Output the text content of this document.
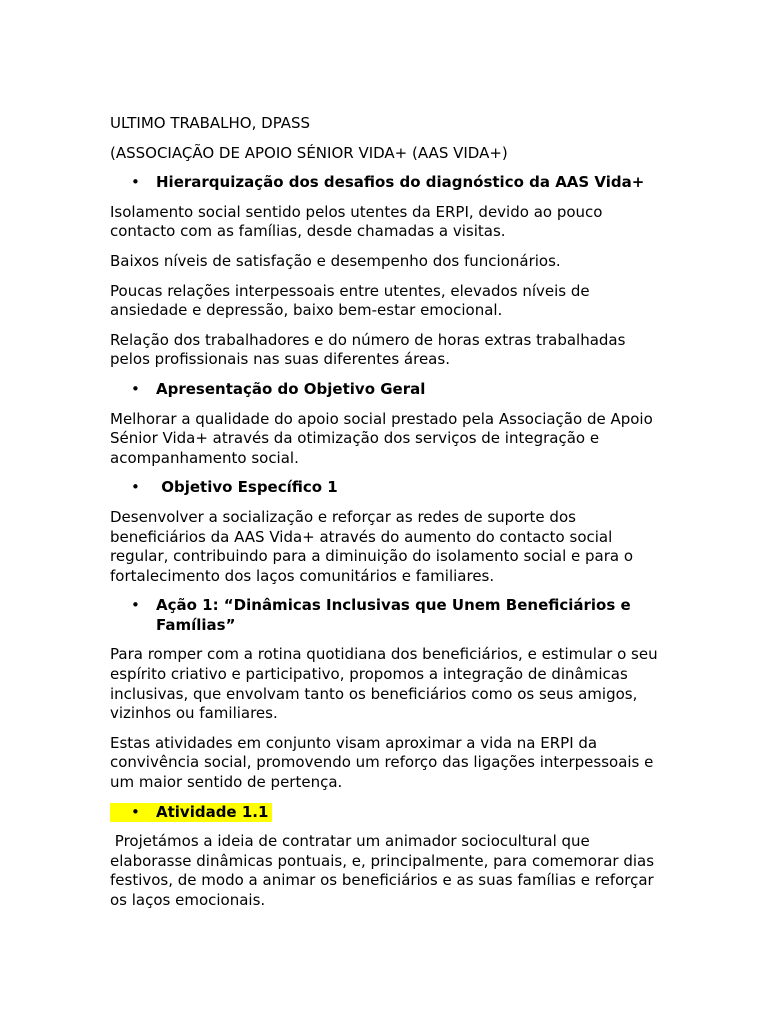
ULTIMO TRABALHO, DPASS

(ASSOCIAÇÃO DE APOIO SÉNIOR VIDA+ (AAS VIDA+)

• Hierarquização dos desafios do diagnóstico da AAS Vida+

Isolamento social sentido pelos utentes da ERPI, devido ao pouco contacto com as famílias, desde chamadas a visitas.

Baixos níveis de satisfação e desempenho dos funcionários.

Poucas relações interpessoais entre utentes, elevados níveis de ansiedade e depressão, baixo bem-estar emocional.

Relação dos trabalhadores e do número de horas extras trabalhadas pelos profissionais nas suas diferentes áreas.

• Apresentação do Objetivo Geral

Melhorar a qualidade do apoio social prestado pela Associação de Apoio Sénior Vida+ através da otimização dos serviços de integração e acompanhamento social.

• Objetivo Específico 1

Desenvolver a socialização e reforçar as redes de suporte dos beneficiários da AAS Vida+ através do aumento do contacto social regular, contribuindo para a diminuição do isolamento social e para o fortalecimento dos laços comunitários e familiares.

• Ação 1: “Dinâmicas Inclusivas que Unem Beneficiários e Famílias”

Para romper com a rotina quotidiana dos beneficiários, e estimular o seu espírito criativo e participativo, propomos a integração de dinâmicas inclusivas, que envolvam tanto os beneficiários como os seus amigos, vizinhos ou familiares.

Estas atividades em conjunto visam aproximar a vida na ERPI da convivência social, promovendo um reforço das ligações interpessoais e um maior sentido de pertença.

• Atividade 1.1

Projetámos a ideia de contratar um animador sociocultural que elaborasse dinâmicas pontuais, e, principalmente, para comemorar dias festivos, de modo a animar os beneficiários e as suas famílias e reforçar os laços emocionais.
